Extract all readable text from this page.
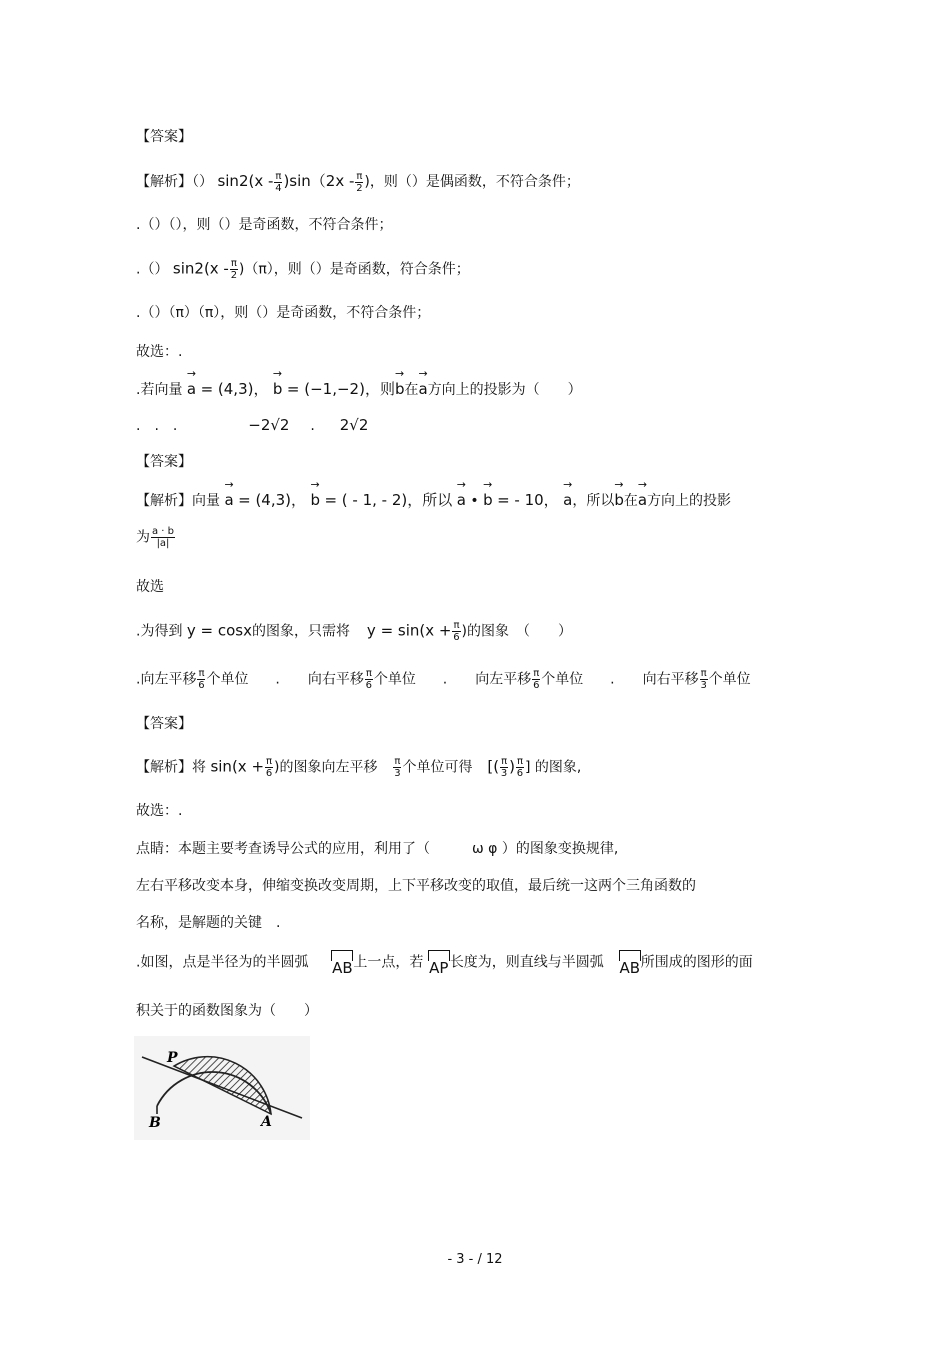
【答案】
【解析】（） $\sin 2(x - \frac{\pi}{4} )\sin(2x - \frac{\pi}{2}$ )，则（）是偶函数，不符合条件；
.（）（），则（）是奇函数，不符合条件；
.（） $\sin 2(x - \frac{\pi}{2} )(\pi)$，则（）是奇函数，符合条件；
.（）（π）（π），则（）是奇函数，不符合条件；
故选：.
.若向量 → a = (4,3)， → b = (−1,−2)，则→ b在→ a方向上的投影为（　　）
.　.　.	−2√2 . 2√2
【答案】
【解析】向量 → a = (4,3)， → b = ( - 1, - 2)，所以 → a • → b = - 10， → a，所以→ b在→ a方向上的投影
为 $\frac{a \cdot b}{|a|}$
故选
.为得到 y = cosx的图象，只需将 $y = \sin(x + \frac{\pi}{6}$ )的图象　（　　）
.向左平移 $\frac{\pi}{6}$ 个单位 .　　向右平移 $\frac{\pi}{6}$ 个单位 .　　向左平移 $\frac{\pi}{6}$ 个单位 .　　向右平移 $\frac{\pi}{3}$ 个单位
【答案】
【解析】将 $\sin(x + \frac{\pi}{6}$ )的图象向左平移 $\frac{\pi}{3}$ 个单位可得 [( $\frac{\pi}{3}$ ) $\frac{\pi}{6}$ ] 的图象,
故选：.
点睛：本题主要考查诱导公式的应用，利用了（　　　ω φ ）的图象变换规律,
左右平移改变本身，伸缩变换改变周期，上下平移改变的取值，最后统一这两个三角函数的
名称，是解题的关键　.
.如图，点是半径为的半圆弧 AB 上一点，若 AP 长度为，则直线与半圆弧 AB 所围成的图形的面
积关于的函数图象为（　　）
P
B	A
- 3 - / 12
